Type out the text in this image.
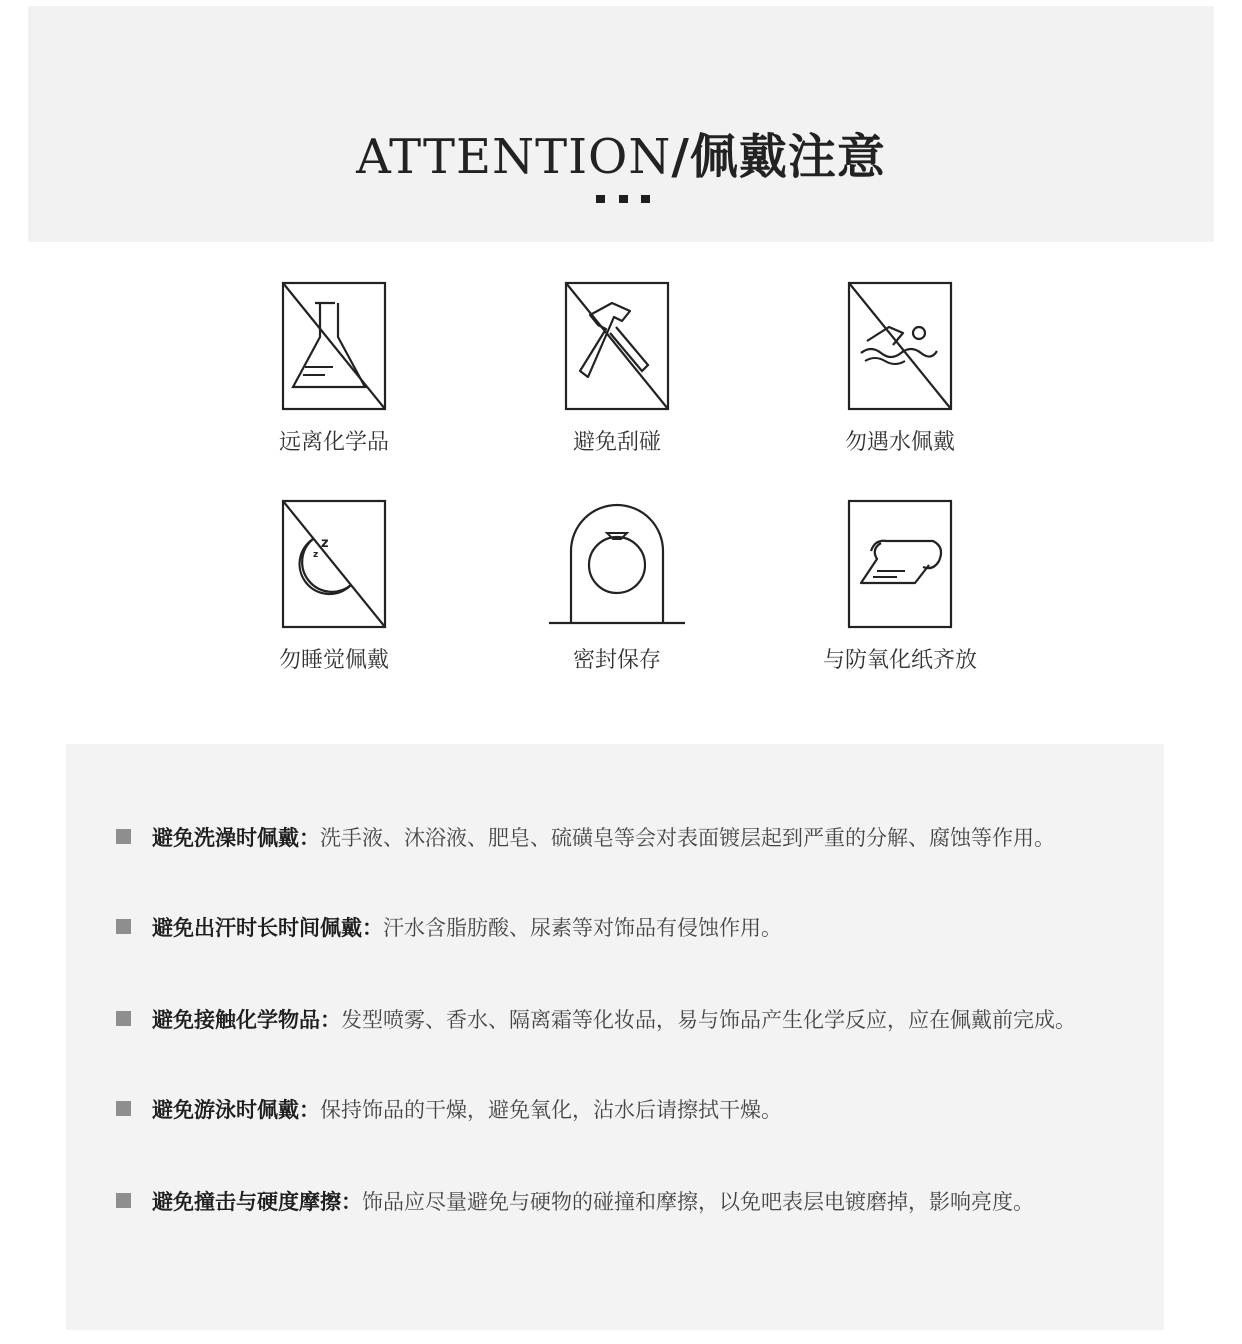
ATTENTION/佩戴注意
远离化学品	避免刮碰	勿遇水佩戴
z
z
勿睡觉佩戴	密封保存	与防氧化纸齐放
避免洗澡时佩戴：洗手液、沐浴液、肥皂、硫磺皂等会对表面镀层起到严重的分解、腐蚀等作用。
避免出汗时长时间佩戴：汗水含脂肪酸、尿素等对饰品有侵蚀作用。
避免接触化学物品：发型喷雾、香水、隔离霜等化妆品，易与饰品产生化学反应，应在佩戴前完成。
避免游泳时佩戴：保持饰品的干燥，避免氧化，沾水后请擦拭干燥。
避免撞击与硬度摩擦：饰品应尽量避免与硬物的碰撞和摩擦，以免吧表层电镀磨掉，影响亮度。
